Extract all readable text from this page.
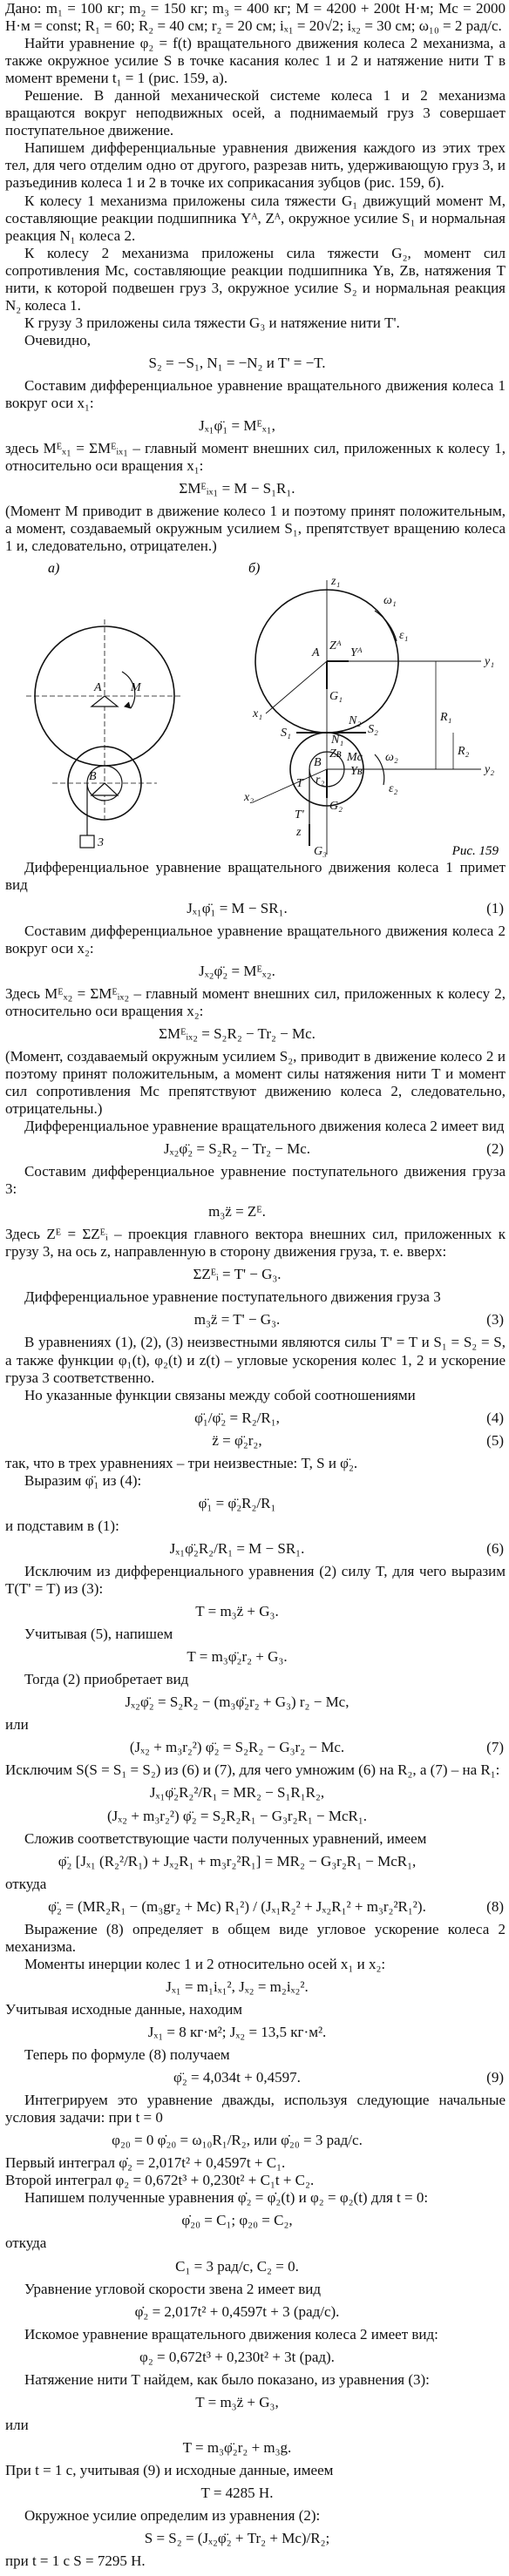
Дано: m₁ = 100 кг; m₂ = 150 кг; m₃ = 400 кг; M = 4200 + 200t Н·м; Mс = 2000 Н·м = const; R₁ = 60; R₂ = 40 см; r₂ = 20 см; iₓ₁ = 20√2; iₓ₂ = 30 см; ω₁₀ = 2 рад/с.

Найти уравнение φ₂ = f(t) вращательного движения колеса 2 механизма, а также окружное усилие S в точке касания колес 1 и 2 и натяжение нити T в момент времени t₁ = 1 (рис. 159, а).

Решение. В данной механической системе колеса 1 и 2 механизма вращаются вокруг неподвижных осей, а поднимаемый груз 3 совершает поступательное движение.

Напишем дифференциальные уравнения движения каждого из этих трех тел, для чего отделим одно от другого, разрезав нить, удерживающую груз 3, и разъединив колеса 1 и 2 в точке их соприкасания зубцов (рис. 159, б).

К колесу 1 механизма приложены сила тяжести G₁ движущий момент M, составляющие реакции подшипника Yᴬ, Zᴬ, окружное усилие S₁ и нормальная реакция N₁ колеса 2.

К колесу 2 механизма приложены сила тяжести G₂, момент сил сопротивления Mс, составляющие реакции подшипника Yʙ, Zʙ, натяжения T нити, к которой подвешен груз 3, окружное усилие S₂ и нормальная реакция N₂ колеса 1.

К грузу 3 приложены сила тяжести G₃ и натяжение нити T'.

Очевидно,

S₂ = −S₁, N₁ = −N₂ и T' = −T.

Составим дифференциальное уравнение вращательного движения колеса 1 вокруг оси x₁:

Jₓ₁φ̈₁ = Mᴱₓ₁,

здесь Mᴱₓ₁ = ΣMᴱᵢₓ₁ – главный момент внешних сил, приложенных к колесу 1, относительно оси вращения x₁:

ΣMᴱᵢₓ₁ = M − S₁R₁.

(Момент M приводит в движение колесо 1 и поэтому принят положительным, а момент, создаваемый окружным усилием S₁, препятствует вращению колеса 1 и, следовательно, отрицателен.)

а)	б)
A
B
3
M
A
B
ω₁
ε₁
ω₂
ε₂
Zᴬ
Yᴬ
G₁
N₂
S₂
N₁
S₁
Zʙ
Yʙ
G₂
G₃
T
T'
Mс
x₁
x₂
y₁
y₂
z₁
R₁
R₂
r₂
z
Рис. 159

Дифференциальное уравнение вращательного движения колеса 1 примет вид

Jₓ₁φ̈₁ = M − SR₁.	(1)

Составим дифференциальное уравнение вращательного движения колеса 2 вокруг оси x₂:

Jₓ₂φ̈₂ = Mᴱₓ₂.

Здесь Mᴱₓ₂ = ΣMᴱᵢₓ₂ – главный момент внешних сил, приложенных к колесу 2, относительно оси вращения x₂:

ΣMᴱᵢₓ₂ = S₂R₂ − Tr₂ − Mс.

(Момент, создаваемый окружным усилием S₂, приводит в движение колесо 2 и поэтому принят положительным, а момент силы натяжения нити T и момент сил сопротивления Mс препятствуют движению колеса 2, следовательно, отрицательны.)

Дифференциальное уравнение вращательного движения колеса 2 имеет вид

Jₓ₂φ̈₂ = S₂R₂ − Tr₂ − Mс.	(2)

Составим дифференциальное уравнение поступательного движения груза 3:

m₃z̈ = Zᴱ.

Здесь Zᴱ = ΣZᴱᵢ – проекция главного вектора внешних сил, приложенных к грузу 3, на ось z, направленную в сторону движения груза, т. е. вверх:

ΣZᴱᵢ = T' − G₃.

Дифференциальное уравнение поступательного движения груза 3

m₃z̈ = T' − G₃.	(3)

В уравнениях (1), (2), (3) неизвестными являются силы T' = T и S₁ = S₂ = S, а также функции φ₁(t), φ₂(t) и z(t) – угловые ускорения колес 1, 2 и ускорение груза 3 соответственно.

Но указанные функции связаны между собой соотношениями

φ̈₁/φ̈₂ = R₂/R₁,	(4)
z̈ = φ̈₂r₂,	(5)

так, что в трех уравнениях – три неизвестные: T, S и φ̈₂.

Выразим φ̈₁ из (4):

φ̈₁ = φ̈₂R₂/R₁

и подставим в (1):

Jₓ₁φ̈₂R₂/R₁ = M − SR₁.	(6)

Исключим из дифференциального уравнения (2) силу T, для чего выразим T(T' = T) из (3):

T = m₃z̈ + G₃.

Учитывая (5), напишем

T = m₃φ̈₂r₂ + G₃.

Тогда (2) приобретает вид

Jₓ₂φ̈₂ = S₂R₂ − (m₃φ̈₂r₂ + G₃) r₂ − Mс,

или

(Jₓ₂ + m₃r₂²) φ̈₂ = S₂R₂ − G₃r₂ − Mс.	(7)

Исключим S(S = S₁ = S₂) из (6) и (7), для чего умножим (6) на R₂, а (7) – на R₁:

Jₓ₁φ̈₂R₂²/R₁ = MR₂ − S₁R₁R₂,
(Jₓ₂ + m₃r₂²) φ̈₂ = S₂R₂R₁ − G₃r₂R₁ − MсR₁.

Сложив соответствующие части полученных уравнений, имеем

φ̈₂ [Jₓ₁ (R₂²/R₁) + Jₓ₂R₁ + m₃r₂²R₁] = MR₂ − G₃r₂R₁ − MсR₁,

откуда

φ̈₂ = (MR₂R₁ − (m₃gr₂ + Mс) R₁²) / (Jₓ₁R₂² + Jₓ₂R₁² + m₃r₂²R₁²).	(8)

Выражение (8) определяет в общем виде угловое ускорение колеса 2 механизма.

Моменты инерции колес 1 и 2 относительно осей x₁ и x₂:

Jₓ₁ = m₁iₓ₁², Jₓ₂ = m₂iₓ₂².

Учитывая исходные данные, находим

Jₓ₁ = 8 кг·м²; Jₓ₂ = 13,5 кг·м².

Теперь по формуле (8) получаем

φ̈₂ = 4,034t + 0,4597.	(9)

Интегрируем это уравнение дважды, используя следующие начальные условия задачи: при t = 0

φ₂₀ = 0 φ̇₂₀ = ω₁₀R₁/R₂, или φ̇₂₀ = 3 рад/с.

Первый интеграл φ̇₂ = 2,017t² + 0,4597t + C₁.

Второй интеграл φ₂ = 0,672t³ + 0,230t² + C₁t + C₂.

Напишем полученные уравнения φ̇₂ = φ̇₂(t) и φ₂ = φ₂(t) для t = 0:

φ̇₂₀ = C₁; φ₂₀ = C₂,

откуда

C₁ = 3 рад/с, C₂ = 0.

Уравнение угловой скорости звена 2 имеет вид

φ̇₂ = 2,017t² + 0,4597t + 3 (рад/с).

Искомое уравнение вращательного движения колеса 2 имеет вид:

φ₂ = 0,672t³ + 0,230t² + 3t (рад).

Натяжение нити T найдем, как было показано, из уравнения (3):

T = m₃z̈ + G₃,

или

T = m₃φ̈₂r₂ + m₃g.

При t = 1 с, учитывая (9) и исходные данные, имеем

T = 4285 Н.

Окружное усилие определим из уравнения (2):

S = S₂ = (Jₓ₂φ̈₂ + Tr₂ + Mс)/R₂;

при t = 1 с S = 7295 Н.
